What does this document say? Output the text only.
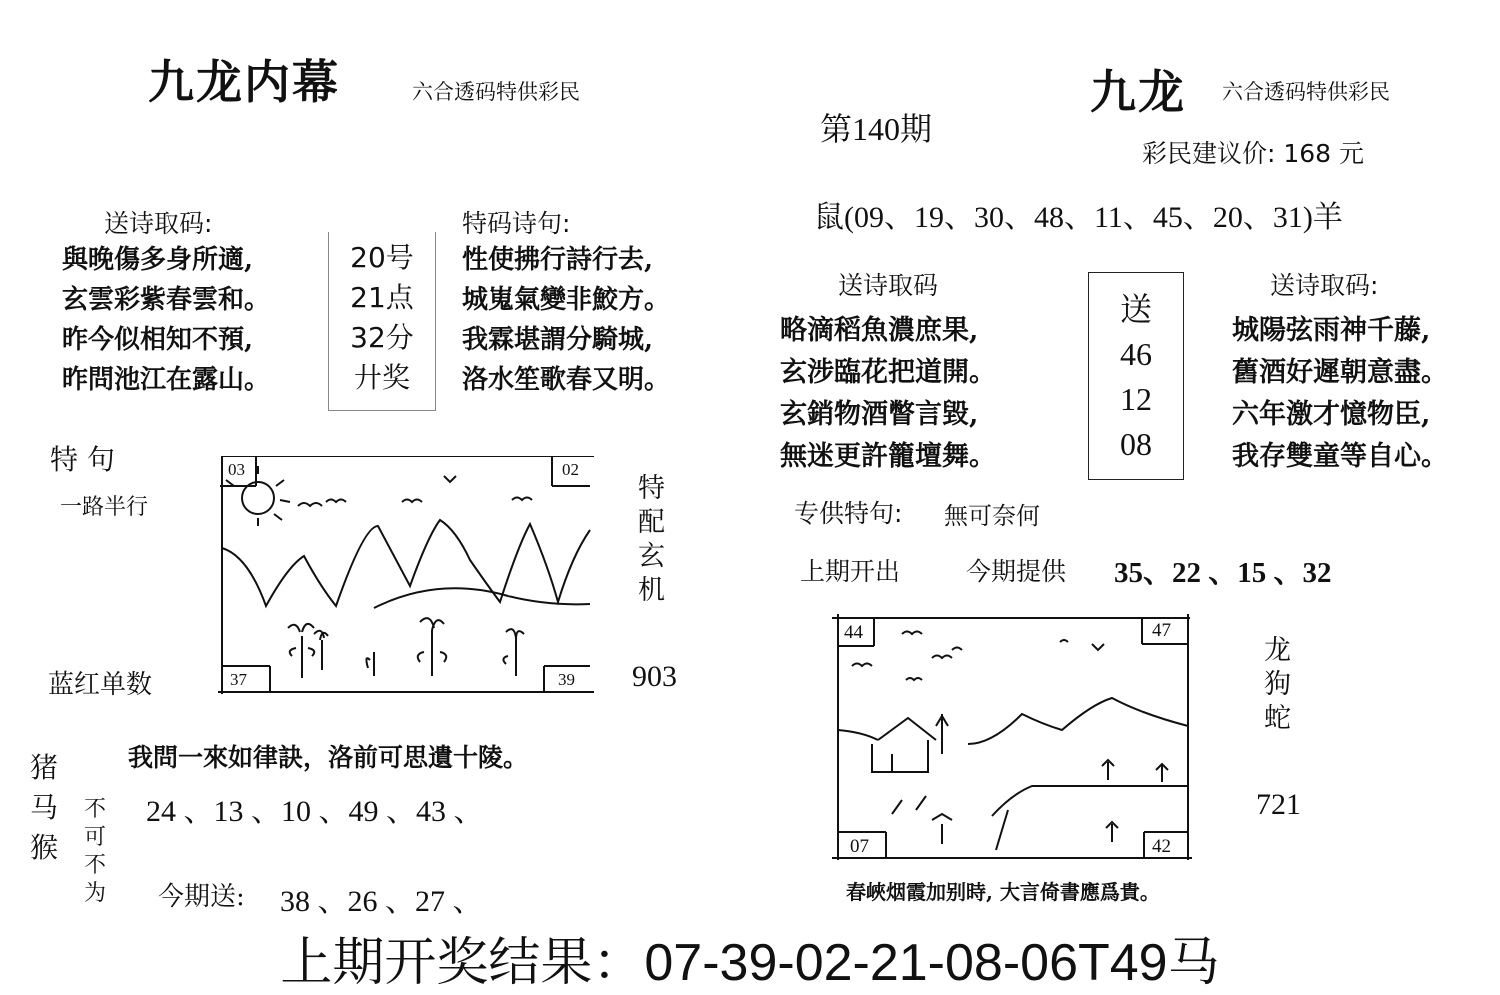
九龙内幕	六合透码特供彩民
第140期
九龙 六合透码特供彩民
彩民建议价: 168 元
送诗取码:
與晚傷多身所適,
玄雲彩紫春雲和。
昨今似相知不預,
昨問池江在露山。
20号
21点
32分
廾奖
特码诗句:
性使拂行詩行去,
城嵬氣變非鮫方。
我霖堪謂分騎城,
洛水笙歌春又明。
特 句
一路半行
蓝红单数
03	02
37	39
特
配
玄
机
903
我問一來如律訣，洛前可思遺十陵。
猪
马
猴
不
可
不
为
24 、13 、10 、49 、43 、
今期送: 38 、26 、27 、
鼠(09、19、30、48、11、45、20、31)羊
送诗取码
略滴稻魚濃庶果,
玄涉臨花把道開。
玄銷物酒瞥言毀,
無迷更許籠壇舞。
送
46
12
08
送诗取码:
城陽弦雨神千藤,
舊酒好遲朝意盡。
六年激才憶物臣,
我存雙童等自心。
专供特句: 無可奈何
上期开出	今期提供 35、22 、15 、32
44	47
07	42
龙
狗
蛇
721
春峽烟霞加别時, 大言倚書應爲貴。
上期开奖结果：07-39-02-21-08-06T49马
